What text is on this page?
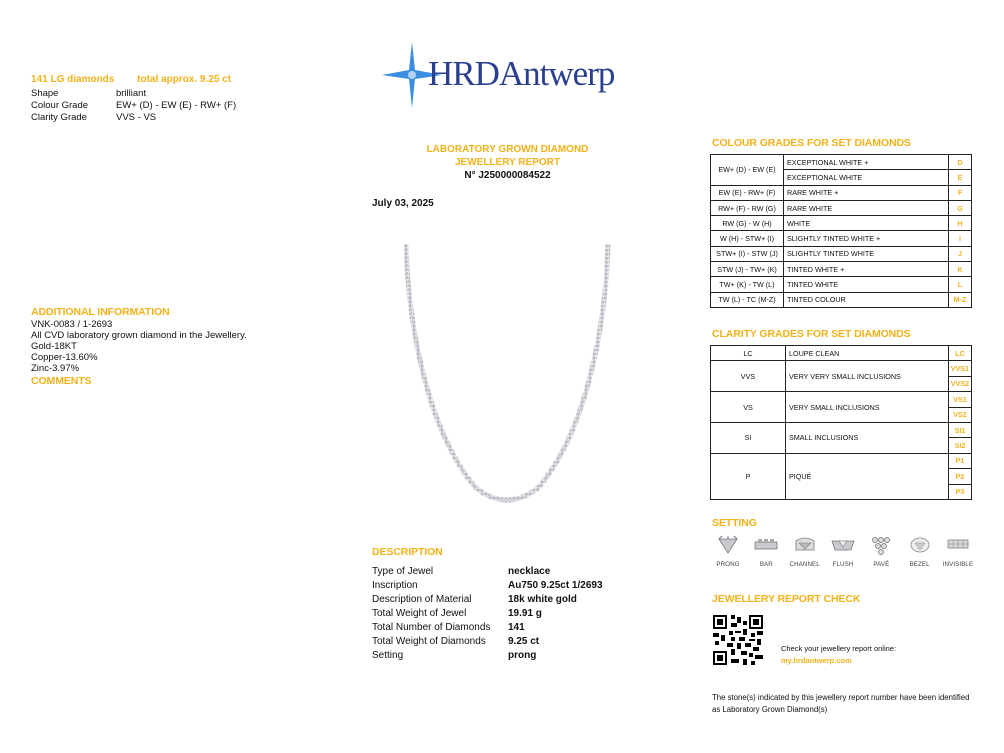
HRDAntwerp
141 LG diamonds total approx. 9.25 ct
Shape	brilliant
Colour Grade	EW+ (D) - EW (E) - RW+ (F)
Clarity Grade	VVS - VS
ADDITIONAL INFORMATION
VNK-0083 / 1-2693
All CVD laboratory grown diamond in the Jewellery.
Gold-18KT
Copper-13.60%
Zinc-3.97%
COMMENTS
LABORATORY GROWN DIAMOND
JEWELLERY REPORT
N° J250000084522
July 03, 2025
DESCRIPTION
Type of Jewel	necklace
Inscription	Au750 9.25ct 1/2693
Description of Material	18k white gold
Total Weight of Jewel	19.91 g
Total Number of Diamonds	141
Total Weight of Diamonds	9.25 ct
Setting	prong
COLOUR GRADES FOR SET DIAMONDS
EW+ (D) - EW (E)	EXCEPTIONAL WHITE +	D
	EXCEPTIONAL WHITE	E
EW (E) - RW+ (F)	RARE WHITE +	F
RW+ (F) - RW (G)	RARE WHITE	G
RW (G) - W (H)	WHITE	H
W (H) - STW+ (I)	SLIGHTLY TINTED WHITE +	I
STW+ (I) - STW (J)	SLIGHTLY TINTED WHITE	J
STW (J) - TW+ (K)	TINTED WHITE +	K
TW+ (K) - TW (L)	TINTED WHITE	L
TW (L) - TC (M-Z)	TINTED COLOUR	M-Z
CLARITY GRADES FOR SET DIAMONDS
LC	LOUPE CLEAN	LC
VVS	VERY VERY SMALL INCLUSIONS	VVS1
		VVS2
VS	VERY SMALL INCLUSIONS	VS1
		VS2
SI	SMALL INCLUSIONS	SI1
		SI2
P	PIQUÉ	P1
		P2
		P3
SETTING
PRONG	BAR	CHANNEL FLUSH	PAVÉ	BEZEL INVISIBLE
JEWELLERY REPORT CHECK
Check your jewellery report online:
my.hrdantwerp.com
The stone(s) indicated by this jewellery report number have been identified as Laboratory Grown Diamond(s)
